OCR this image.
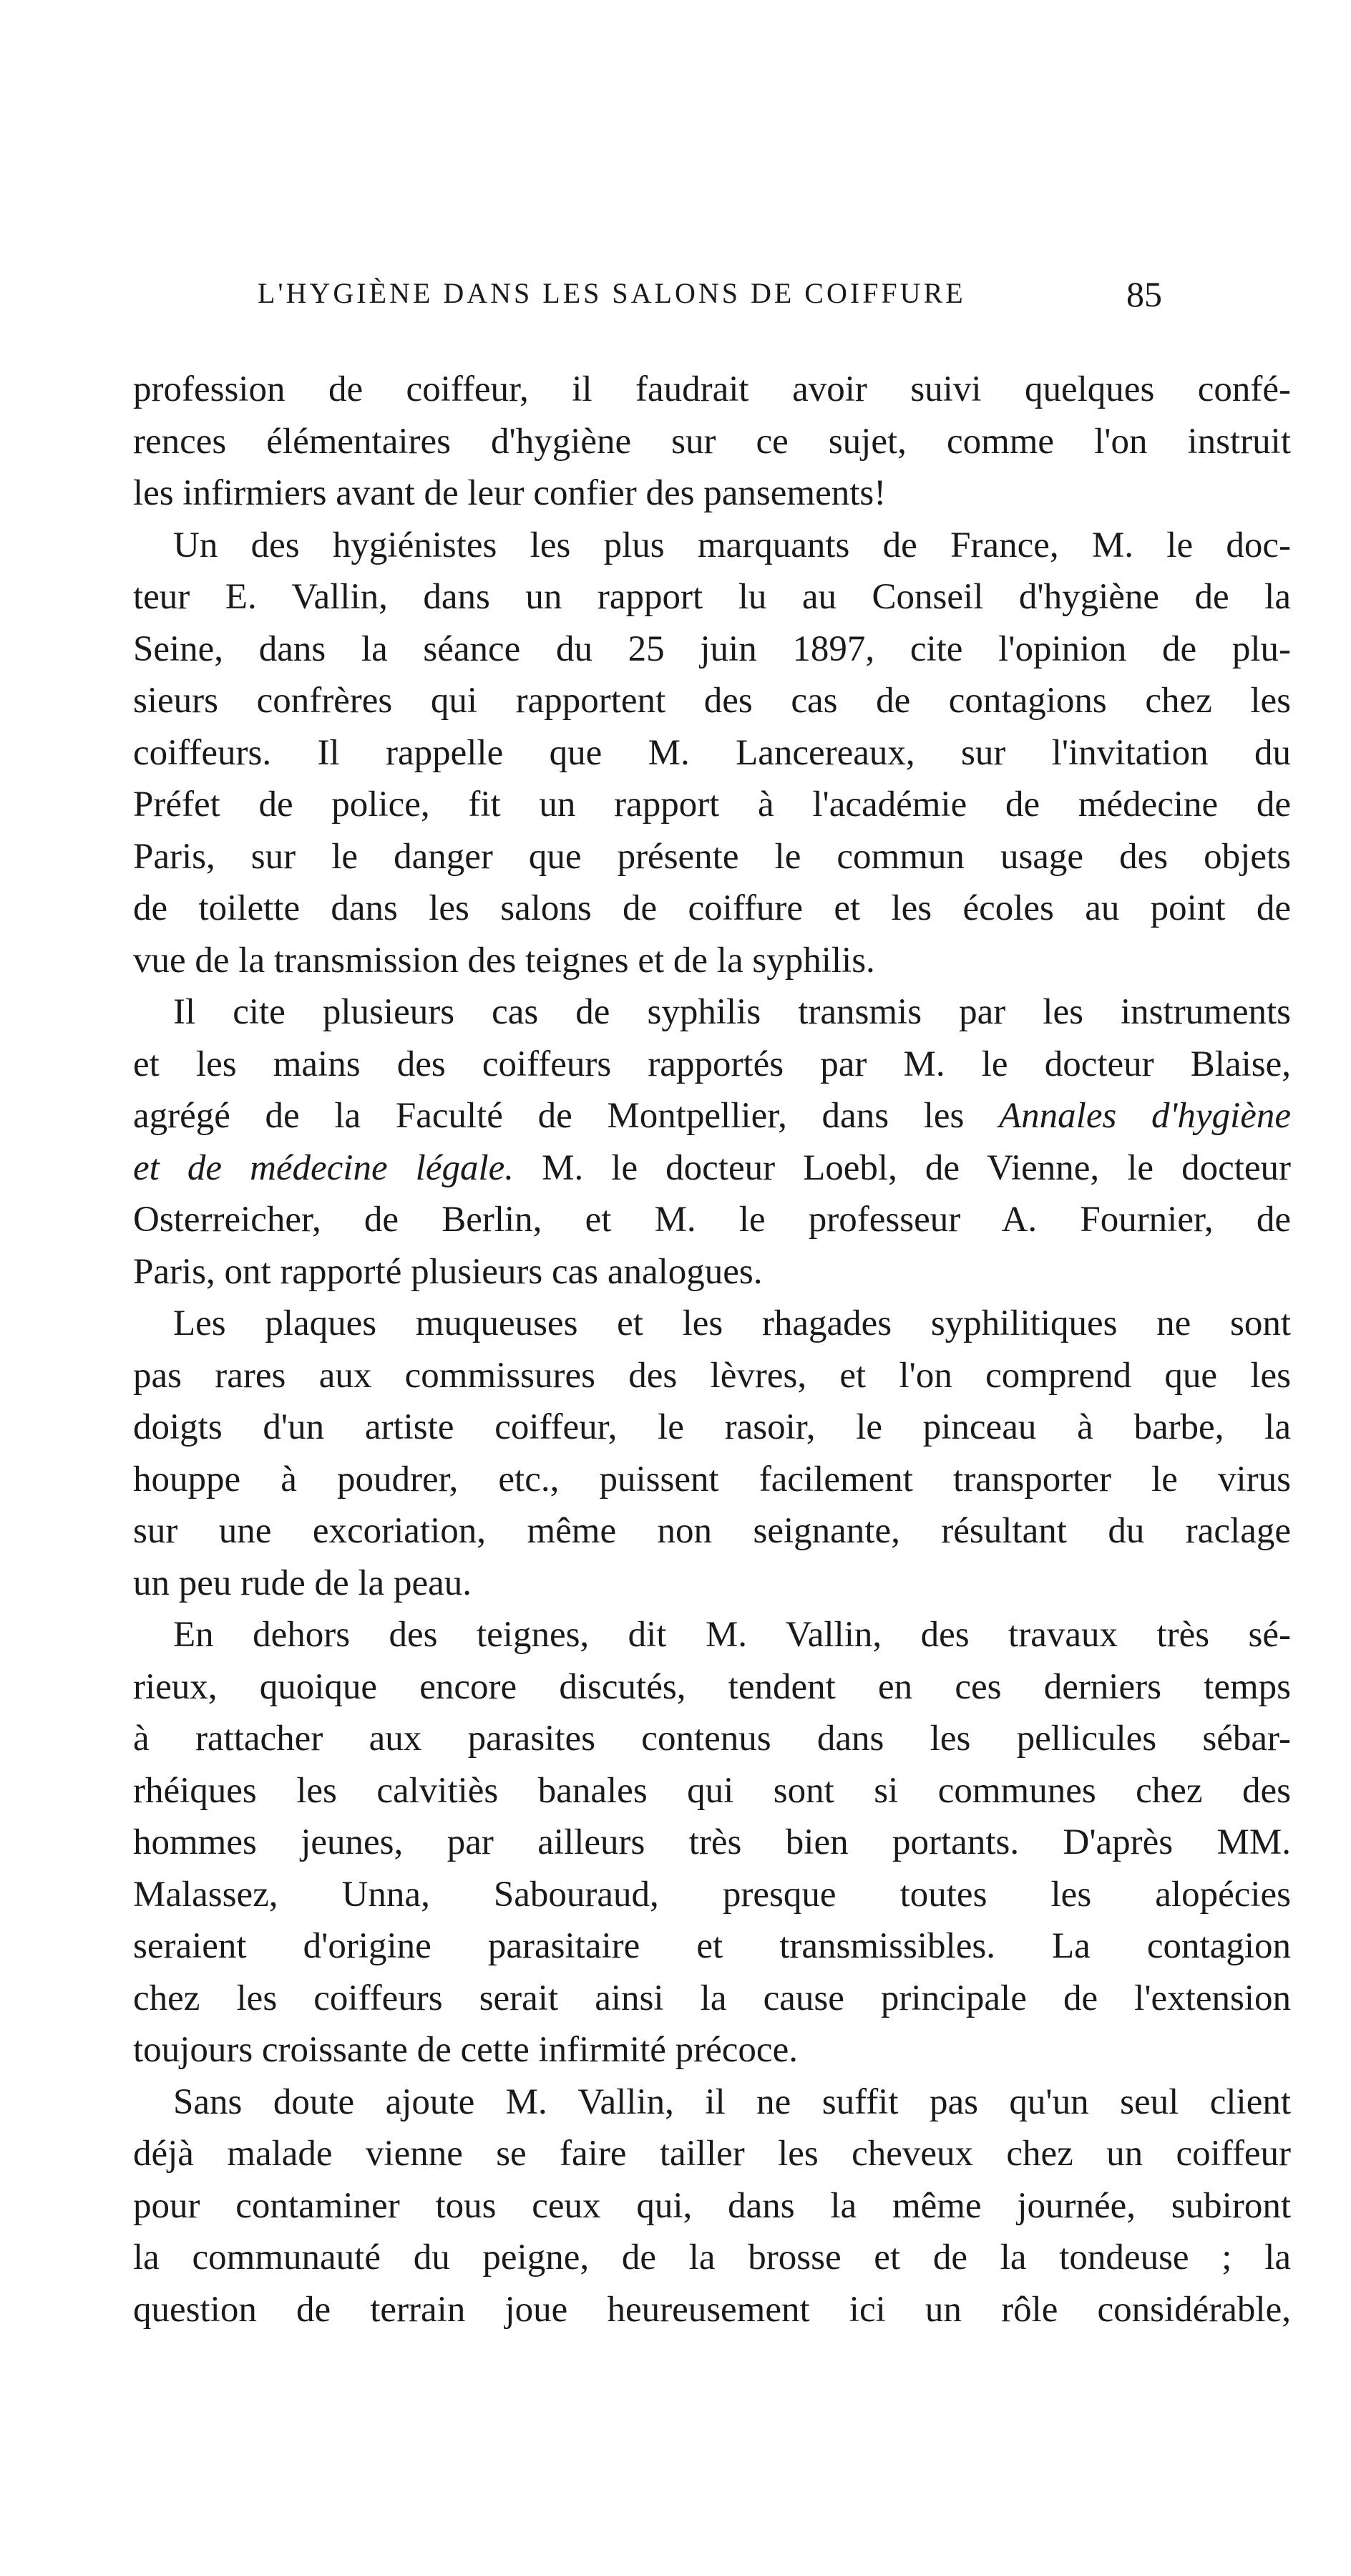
L'HYGIÈNE DANS LES SALONS DE COIFFURE	85
profession de coiffeur, il faudrait avoir suivi quelques confé-
rences élémentaires d'hygiène sur ce sujet, comme l'on instruit
les infirmiers avant de leur confier des pansements!
Un des hygiénistes les plus marquants de France, M. le doc-
teur E. Vallin, dans un rapport lu au Conseil d'hygiène de la
Seine, dans la séance du 25 juin 1897, cite l'opinion de plu-
sieurs confrères qui rapportent des cas de contagions chez les
coiffeurs. Il rappelle que M. Lancereaux, sur l'invitation du
Préfet de police, fit un rapport à l'académie de médecine de
Paris, sur le danger que présente le commun usage des objets
de toilette dans les salons de coiffure et les écoles au point de
vue de la transmission des teignes et de la syphilis.
Il cite plusieurs cas de syphilis transmis par les instruments
et les mains des coiffeurs rapportés par M. le docteur Blaise,
agrégé de la Faculté de Montpellier, dans les Annales d'hygiène
et de médecine légale. M. le docteur Loebl, de Vienne, le docteur
Osterreicher, de Berlin, et M. le professeur A. Fournier, de
Paris, ont rapporté plusieurs cas analogues.
Les plaques muqueuses et les rhagades syphilitiques ne sont
pas rares aux commissures des lèvres, et l'on comprend que les
doigts d'un artiste coiffeur, le rasoir, le pinceau à barbe, la
houppe à poudrer, etc., puissent facilement transporter le virus
sur une excoriation, même non seignante, résultant du raclage
un peu rude de la peau.
En dehors des teignes, dit M. Vallin, des travaux très sé-
rieux, quoique encore discutés, tendent en ces derniers temps
à rattacher aux parasites contenus dans les pellicules sébar-
rhéiques les calvitiès banales qui sont si communes chez des
hommes jeunes, par ailleurs très bien portants. D'après MM.
Malassez, Unna, Sabouraud, presque toutes les alopécies
seraient d'origine parasitaire et transmissibles. La contagion
chez les coiffeurs serait ainsi la cause principale de l'extension
toujours croissante de cette infirmité précoce.
Sans doute ajoute M. Vallin, il ne suffit pas qu'un seul client
déjà malade vienne se faire tailler les cheveux chez un coiffeur
pour contaminer tous ceux qui, dans la même journée, subiront
la communauté du peigne, de la brosse et de la tondeuse ; la
question de terrain joue heureusement ici un rôle considérable,
